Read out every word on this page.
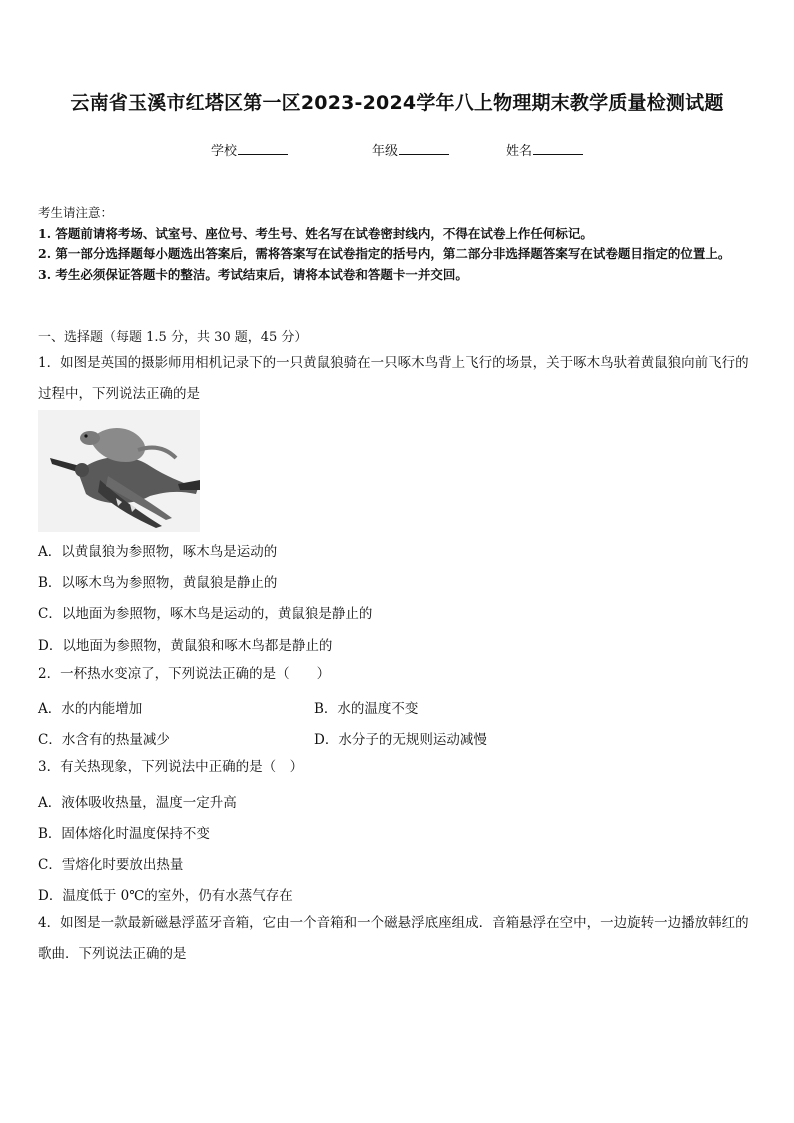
云南省玉溪市红塔区第一区2023-2024学年八上物理期末教学质量检测试题
学校	年级	姓名
考生请注意：
1. 答题前请将考场、试室号、座位号、考生号、姓名写在试卷密封线内，不得在试卷上作任何标记。
2. 第一部分选择题每小题选出答案后，需将答案写在试卷指定的括号内，第二部分非选择题答案写在试卷题目指定的位置上。
3. 考生必须保证答题卡的整洁。考试结束后，请将本试卷和答题卡一并交回。
一、选择题（每题 1.5 分，共 30 题，45 分）
1．如图是英国的摄影师用相机记录下的一只黄鼠狼骑在一只啄木鸟背上飞行的场景，关于啄木鸟驮着黄鼠狼向前飞行的过程中，下列说法正确的是
A．以黄鼠狼为参照物，啄木鸟是运动的
B．以啄木鸟为参照物，黄鼠狼是静止的
C．以地面为参照物，啄木鸟是运动的，黄鼠狼是静止的
D．以地面为参照物，黄鼠狼和啄木鸟都是静止的
2．一杯热水变凉了，下列说法正确的是（　　）
A．水的内能增加	B．水的温度不变
C．水含有的热量减少	D．水分子的无规则运动减慢
3．有关热现象，下列说法中正确的是（　）
A．液体吸收热量，温度一定升高
B．固体熔化时温度保持不变
C．雪熔化时要放出热量
D．温度低于 0℃的室外，仍有水蒸气存在
4．如图是一款最新磁悬浮蓝牙音箱，它由一个音箱和一个磁悬浮底座组成．音箱悬浮在空中，一边旋转一边播放韩红的歌曲．下列说法正确的是
